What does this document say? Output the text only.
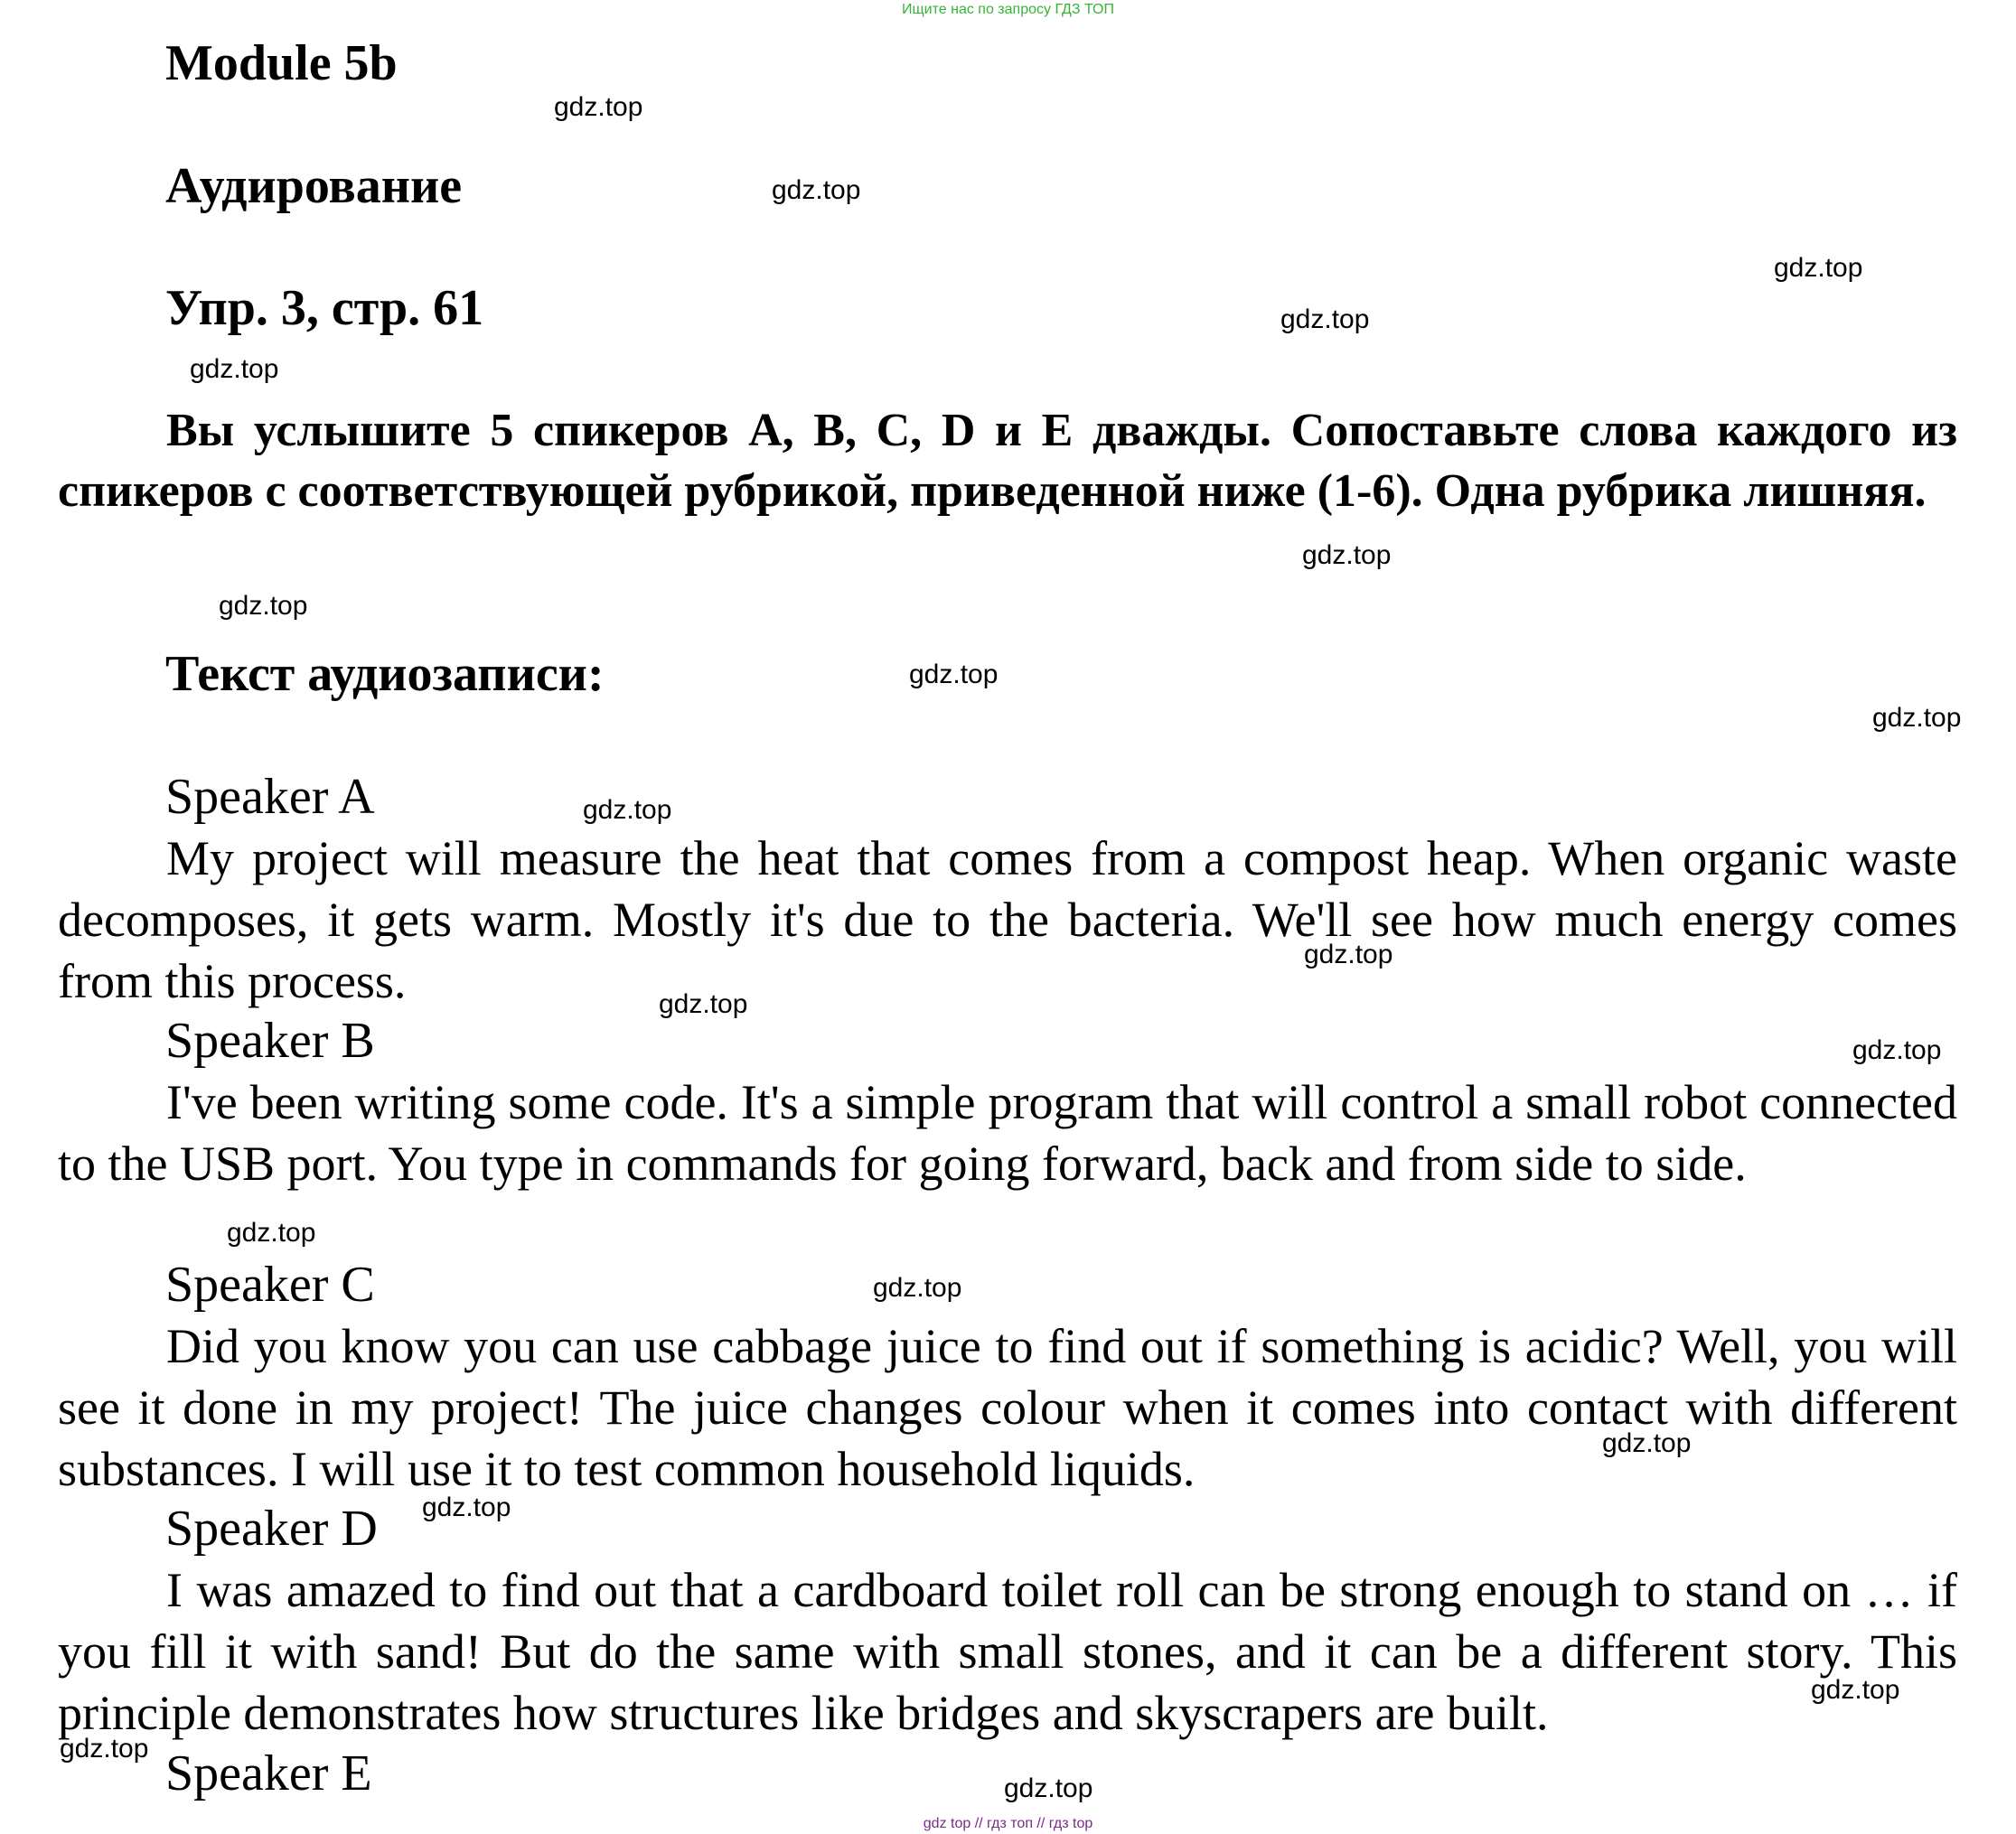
Ищите нас по запросу ГДЗ ТОП
Module 5b
Аудирование
Упр. 3, стр. 61
Вы услышите 5 спикеров A, B, C, D и E дважды. Сопоставьте слова каждого из спикеров с соответствующей рубрикой, приведенной ниже (1-6). Одна рубрика лишняя.
Текст аудиозаписи:
Speaker A

My project will measure the heat that comes from a compost heap. When organic waste decomposes, it gets warm. Mostly it's due to the bacteria. We'll see how much energy comes from this process.

Speaker B

I've been writing some code. It's a simple program that will control a small robot connected to the USB port. You type in commands for going forward, back and from side to side.

Speaker C

Did you know you can use cabbage juice to find out if something is acidic? Well, you will see it done in my project! The juice changes colour when it comes into contact with different substances. I will use it to test common household liquids.

Speaker D

I was amazed to find out that a cardboard toilet roll can be strong enough to stand on … if you fill it with sand! But do the same with small stones, and it can be a different story. This principle demonstrates how structures like bridges and skyscrapers are built.

Speaker E
gdz.top
gdz.top
gdz.top
gdz.top
gdz.top
gdz.top
gdz.top
gdz.top
gdz.top
gdz.top
gdz.top
gdz.top
gdz.top
gdz.top
gdz.top
gdz.top
gdz.top
gdz.top
gdz.top
gdz.top
gdz top // гдз топ // гдз top
